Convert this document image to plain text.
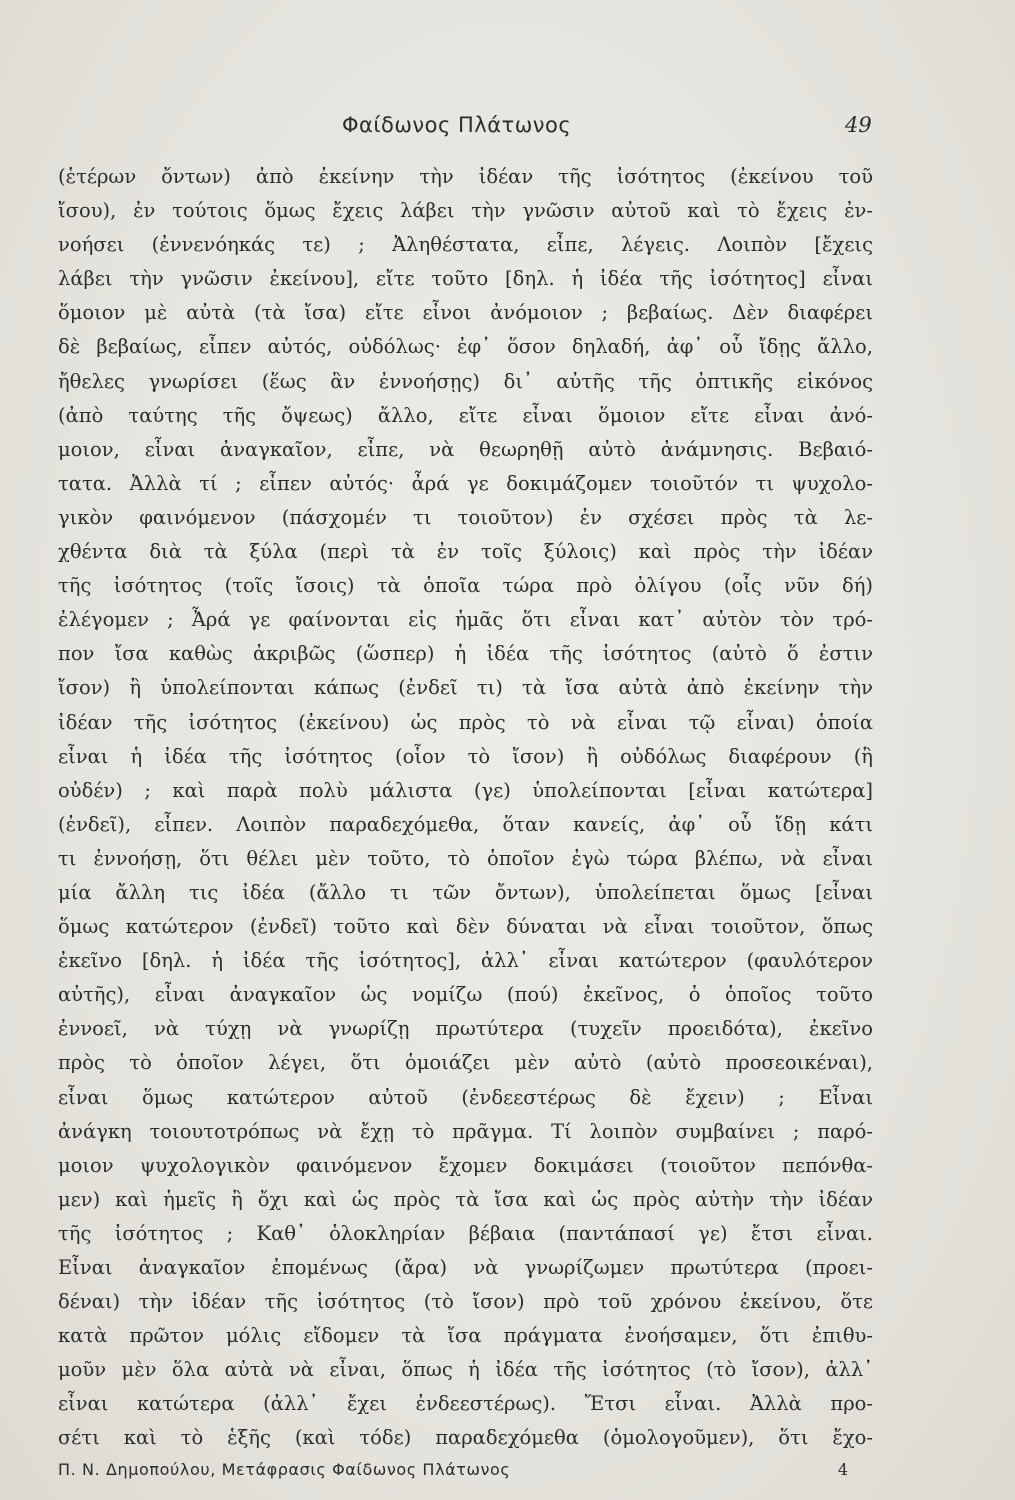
Φαίδωνος Πλάτωνος	49
(ἑτέρων ὄντων) ἀπὸ ἐκείνην τὴν ἰδέαν τῆς ἰσότητος (ἐκείνου τοῦ
ἴσου), ἐν τούτοις ὅμως ἔχεις λάβει τὴν γνῶσιν αὐτοῦ καὶ τὸ ἔχεις ἐν-
νοήσει (ἐννενόηκάς τε) ; Ἀληθέστατα, εἶπε, λέγεις. Λοιπὸν [ἔχεις
λάβει τὴν γνῶσιν ἐκείνου], εἴτε τοῦτο [δηλ. ἡ ἰδέα τῆς ἰσότητος] εἶναι
ὅμοιον μὲ αὐτὰ (τὰ ἴσα) εἴτε εἶνοι ἀνόμοιον ; βεβαίως. Δὲν διαφέρει
δὲ βεβαίως, εἶπεν αὐτός, οὐδόλως· ἐφ᾽ ὅσον δηλαδή, ἀφ᾽ οὗ ἴδῃς ἄλλο,
ἤθελες γνωρίσει (ἕως ἂν ἐννοήσῃς) δι᾽ αὐτῆς τῆς ὀπτικῆς εἰκόνος
(ἀπὸ ταύτης τῆς ὄψεως) ἄλλο, εἴτε εἶναι ὅμοιον εἴτε εἶναι ἀνό-
μοιον, εἶναι ἀναγκαῖον, εἶπε, νὰ θεωρηθῇ αὐτὸ ἀνάμνησις. Βεβαιό-
τατα. Ἀλλὰ τί ; εἶπεν αὐτός· ἆρά γε δοκιμάζομεν τοιοῦτόν τι ψυχολο-
γικὸν φαινόμενον (πάσχομέν τι τοιοῦτον) ἐν σχέσει πρὸς τὰ λε-
χθέντα διὰ τὰ ξύλα (περὶ τὰ ἐν τοῖς ξύλοις) καὶ πρὸς τὴν ἰδέαν
τῆς ἰσότητος (τοῖς ἴσοις) τὰ ὁποῖα τώρα πρὸ ὀλίγου (οἷς νῦν δή)
ἐλέγομεν ; Ἆρά γε φαίνονται εἰς ἡμᾶς ὅτι εἶναι κατ᾽ αὐτὸν τὸν τρό-
πον ἴσα καθὼς ἀκριβῶς (ὥσπερ) ἡ ἰδέα τῆς ἰσότητος (αὐτὸ ὅ ἐστιν
ἴσον) ἢ ὑπολείπονται κάπως (ἐνδεῖ τι) τὰ ἴσα αὐτὰ ἀπὸ ἐκείνην τὴν
ἰδέαν τῆς ἰσότητος (ἐκείνου) ὡς πρὸς τὸ νὰ εἶναι τῷ εἶναι) ὁποία
εἶναι ἡ ἰδέα τῆς ἰσότητος (οἷον τὸ ἴσον) ἢ οὐδόλως διαφέρουν (ἢ
οὐδέν) ; καὶ παρὰ πολὺ μάλιστα (γε) ὑπολείπονται [εἶναι κατώτερα]
(ἐνδεῖ), εἶπεν. Λοιπὸν παραδεχόμεθα, ὅταν κανείς, ἀφ᾽ οὗ ἴδῃ κάτι
τι ἐννοήσῃ, ὅτι θέλει μὲν τοῦτο, τὸ ὁποῖον ἐγὼ τώρα βλέπω, νὰ εἶναι
μία ἄλλη τις ἰδέα (ἄλλο τι τῶν ὄντων), ὑπολείπεται ὅμως [εἶναι
ὅμως κατώτερον (ἐνδεῖ) τοῦτο καὶ δὲν δύναται νὰ εἶναι τοιοῦτον, ὅπως
ἐκεῖνο [δηλ. ἡ ἰδέα τῆς ἰσότητος], ἀλλ᾽ εἶναι κατώτερον (φαυλότερον
αὐτῆς), εἶναι ἀναγκαῖον ὡς νομίζω (πού) ἐκεῖνος, ὁ ὁποῖος τοῦτο
ἐννοεῖ, νὰ τύχῃ νὰ γνωρίζῃ πρωτύτερα (τυχεῖν προειδότα), ἐκεῖνο
πρὸς τὸ ὁποῖον λέγει, ὅτι ὁμοιάζει μὲν αὐτὸ (αὐτὸ προσεοικέναι),
εἶναι ὅμως κατώτερον αὐτοῦ (ἐνδεεστέρως δὲ ἔχειν) ; Εἶναι
ἀνάγκη τοιουτοτρόπως νὰ ἔχῃ τὸ πρᾶγμα. Τί λοιπὸν συμβαίνει ; παρό-
μοιον ψυχολογικὸν φαινόμενον ἔχομεν δοκιμάσει (τοιοῦτον πεπόνθα-
μεν) καὶ ἡμεῖς ἢ ὄχι καὶ ὡς πρὸς τὰ ἴσα καὶ ὡς πρὸς αὐτὴν τὴν ἰδέαν
τῆς ἰσότητος ; Καθ᾽ ὁλοκληρίαν βέβαια (παντάπασί γε) ἔτσι εἶναι.
Εἶναι ἀναγκαῖον ἑπομένως (ἄρα) νὰ γνωρίζωμεν πρωτύτερα (προει-
δέναι) τὴν ἰδέαν τῆς ἰσότητος (τὸ ἴσον) πρὸ τοῦ χρόνου ἐκείνου, ὅτε
κατὰ πρῶτον μόλις εἴδομεν τὰ ἴσα πράγματα ἐνοήσαμεν, ὅτι ἐπιθυ-
μοῦν μὲν ὅλα αὐτὰ νὰ εἶναι, ὅπως ἡ ἰδέα τῆς ἰσότητος (τὸ ἴσον), ἀλλ᾽
εἶναι κατώτερα (ἀλλ᾽ ἔχει ἐνδεεστέρως). Ἔτσι εἶναι. Ἀλλὰ προ-
σέτι καὶ τὸ ἑξῆς (καὶ τόδε) παραδεχόμεθα (ὁμολογοῦμεν), ὅτι ἔχο-
Π. Ν. Δημοπούλου, Μετάφρασις Φαίδωνος Πλάτωνος	4
